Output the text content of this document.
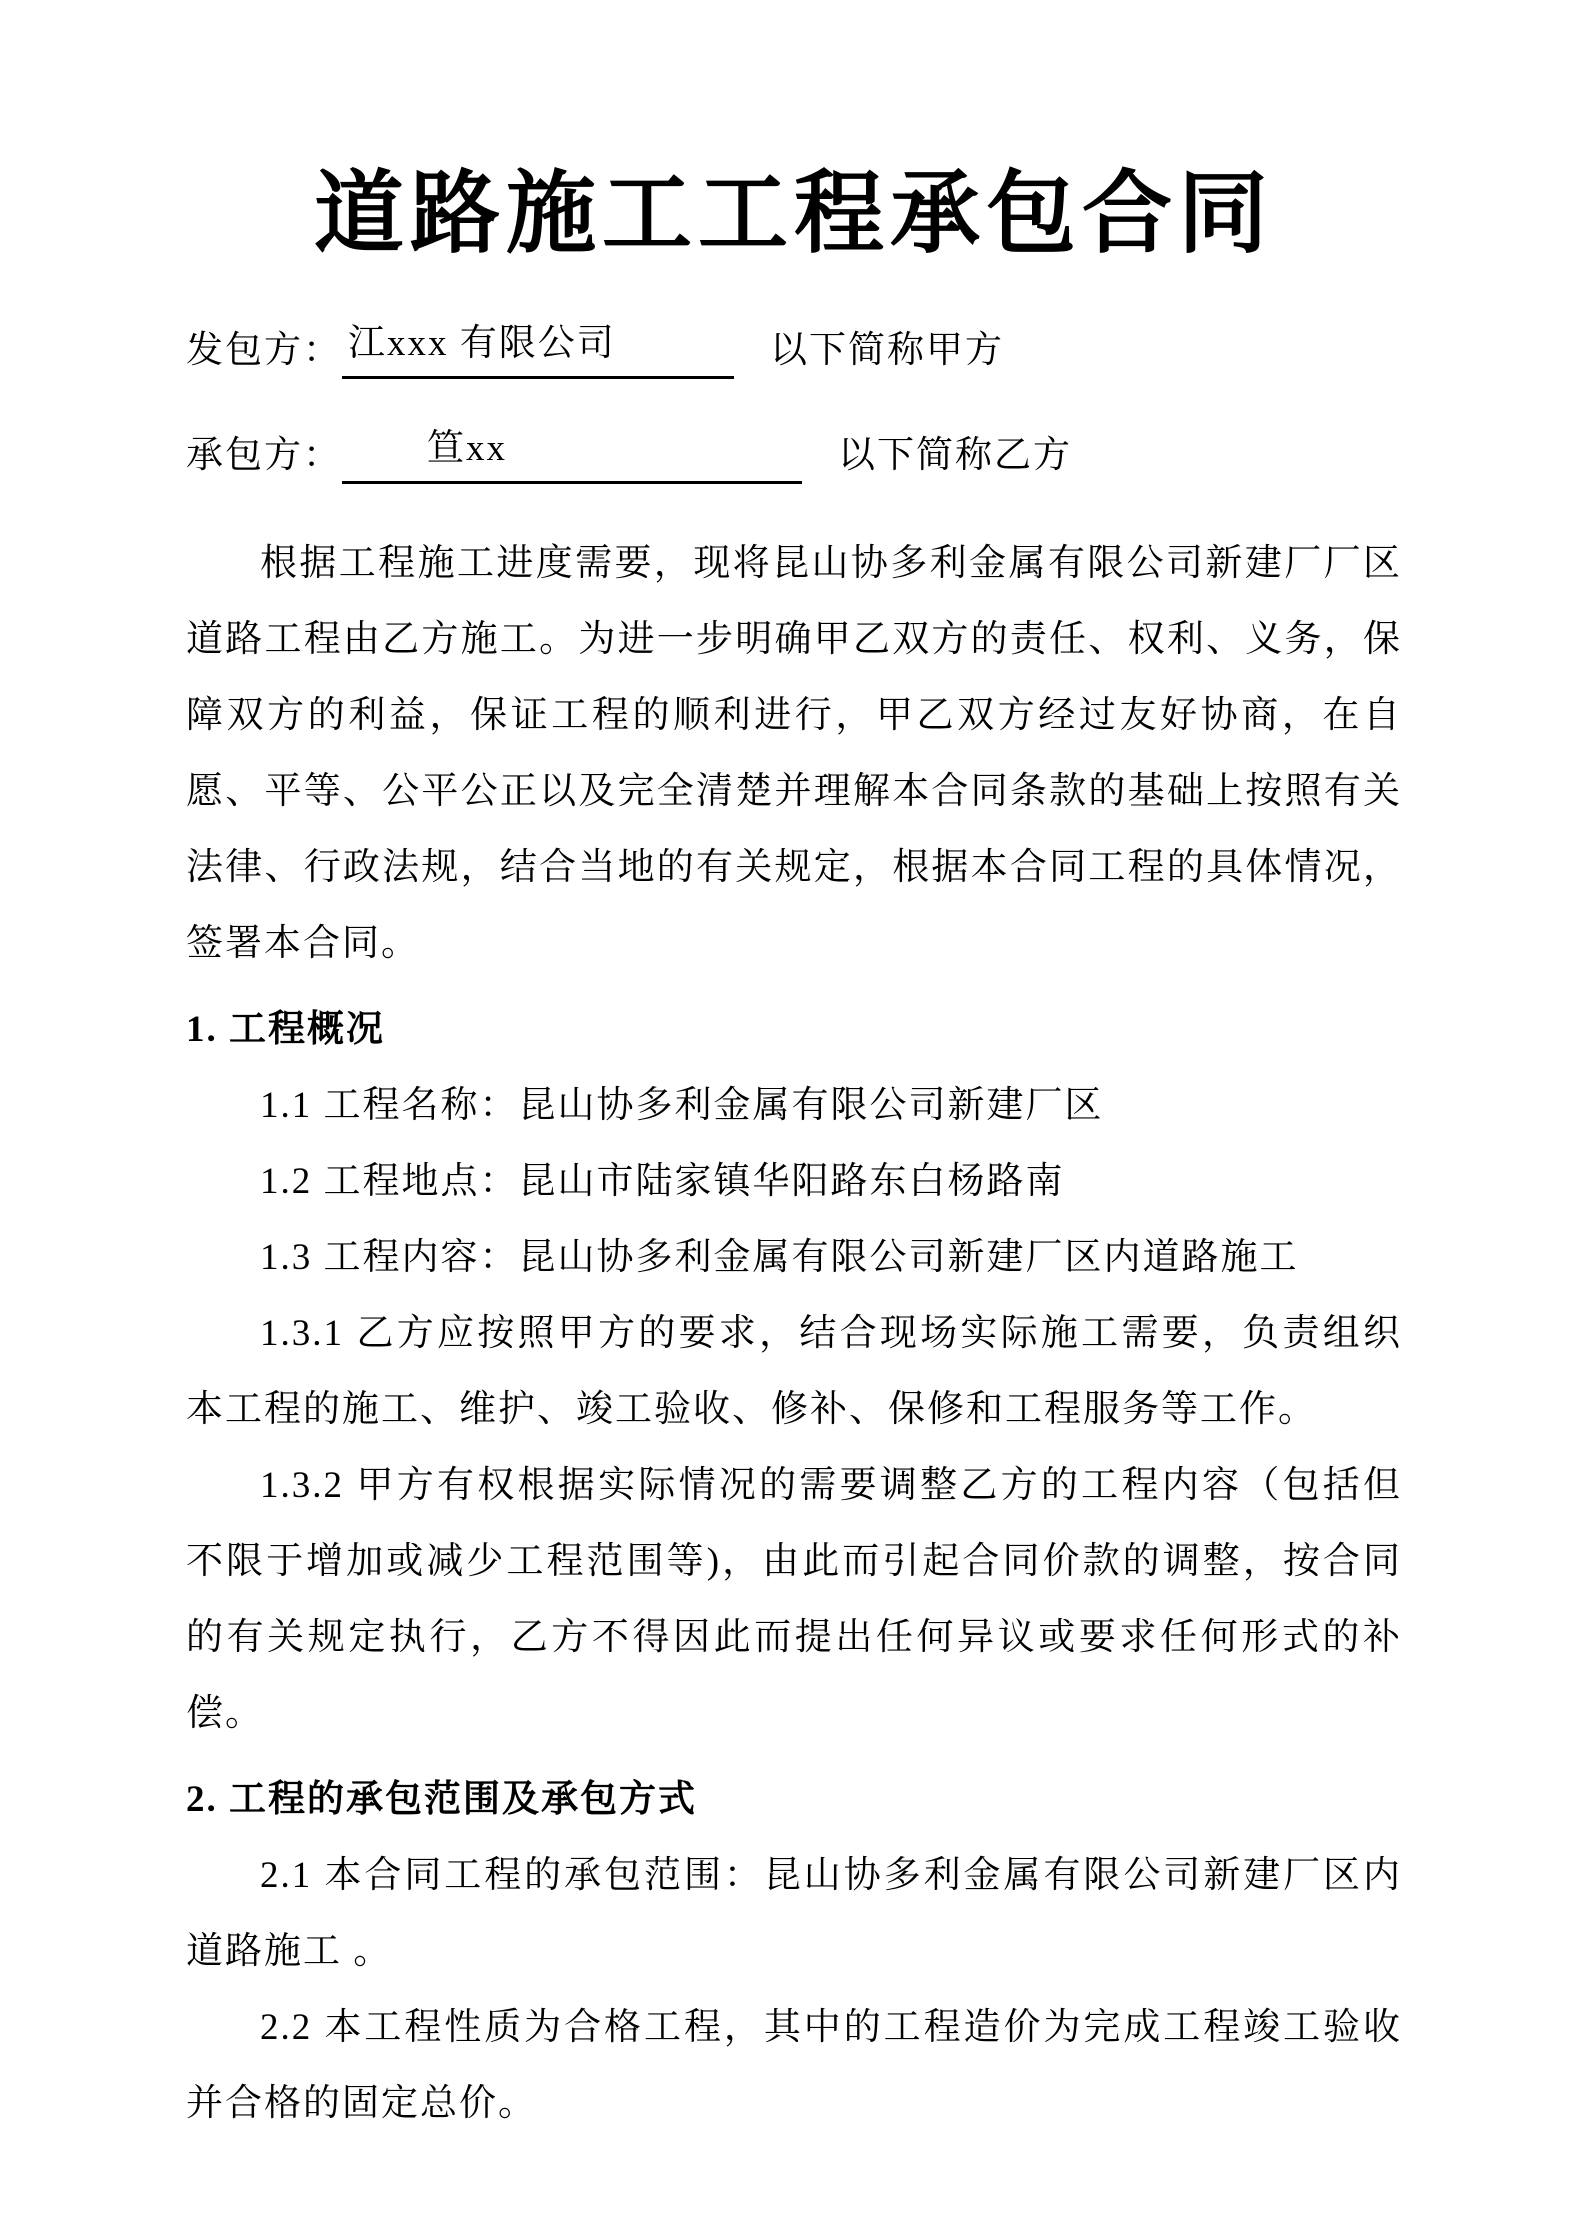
道路施工工程承包合同
发包方： 江xxx 有限公司	以下简称甲方
承包方： 笪xx	以下简称乙方

根据工程施工进度需要，现将昆山协多利金属有限公司新建厂厂区道路工程由乙方施工。为进一步明确甲乙双方的责任、权利、义务，保障双方的利益，保证工程的顺利进行，甲乙双方经过友好协商，在自愿、平等、公平公正以及完全清楚并理解本合同条款的基础上按照有关法律、行政法规，结合当地的有关规定，根据本合同工程的具体情况，签署本合同。

1. 工程概况

1.1 工程名称：昆山协多利金属有限公司新建厂区

1.2 工程地点：昆山市陆家镇华阳路东白杨路南

1.3 工程内容：昆山协多利金属有限公司新建厂区内道路施工

1.3.1 乙方应按照甲方的要求，结合现场实际施工需要，负责组织本工程的施工、维护、竣工验收、修补、保修和工程服务等工作。

1.3.2 甲方有权根据实际情况的需要调整乙方的工程内容（包括但不限于增加或减少工程范围等)，由此而引起合同价款的调整，按合同的有关规定执行，乙方不得因此而提出任何异议或要求任何形式的补偿。

2. 工程的承包范围及承包方式

2.1 本合同工程的承包范围：昆山协多利金属有限公司新建厂区内道路施工 。

2.2 本工程性质为合格工程，其中的工程造价为完成工程竣工验收并合格的固定总价。
